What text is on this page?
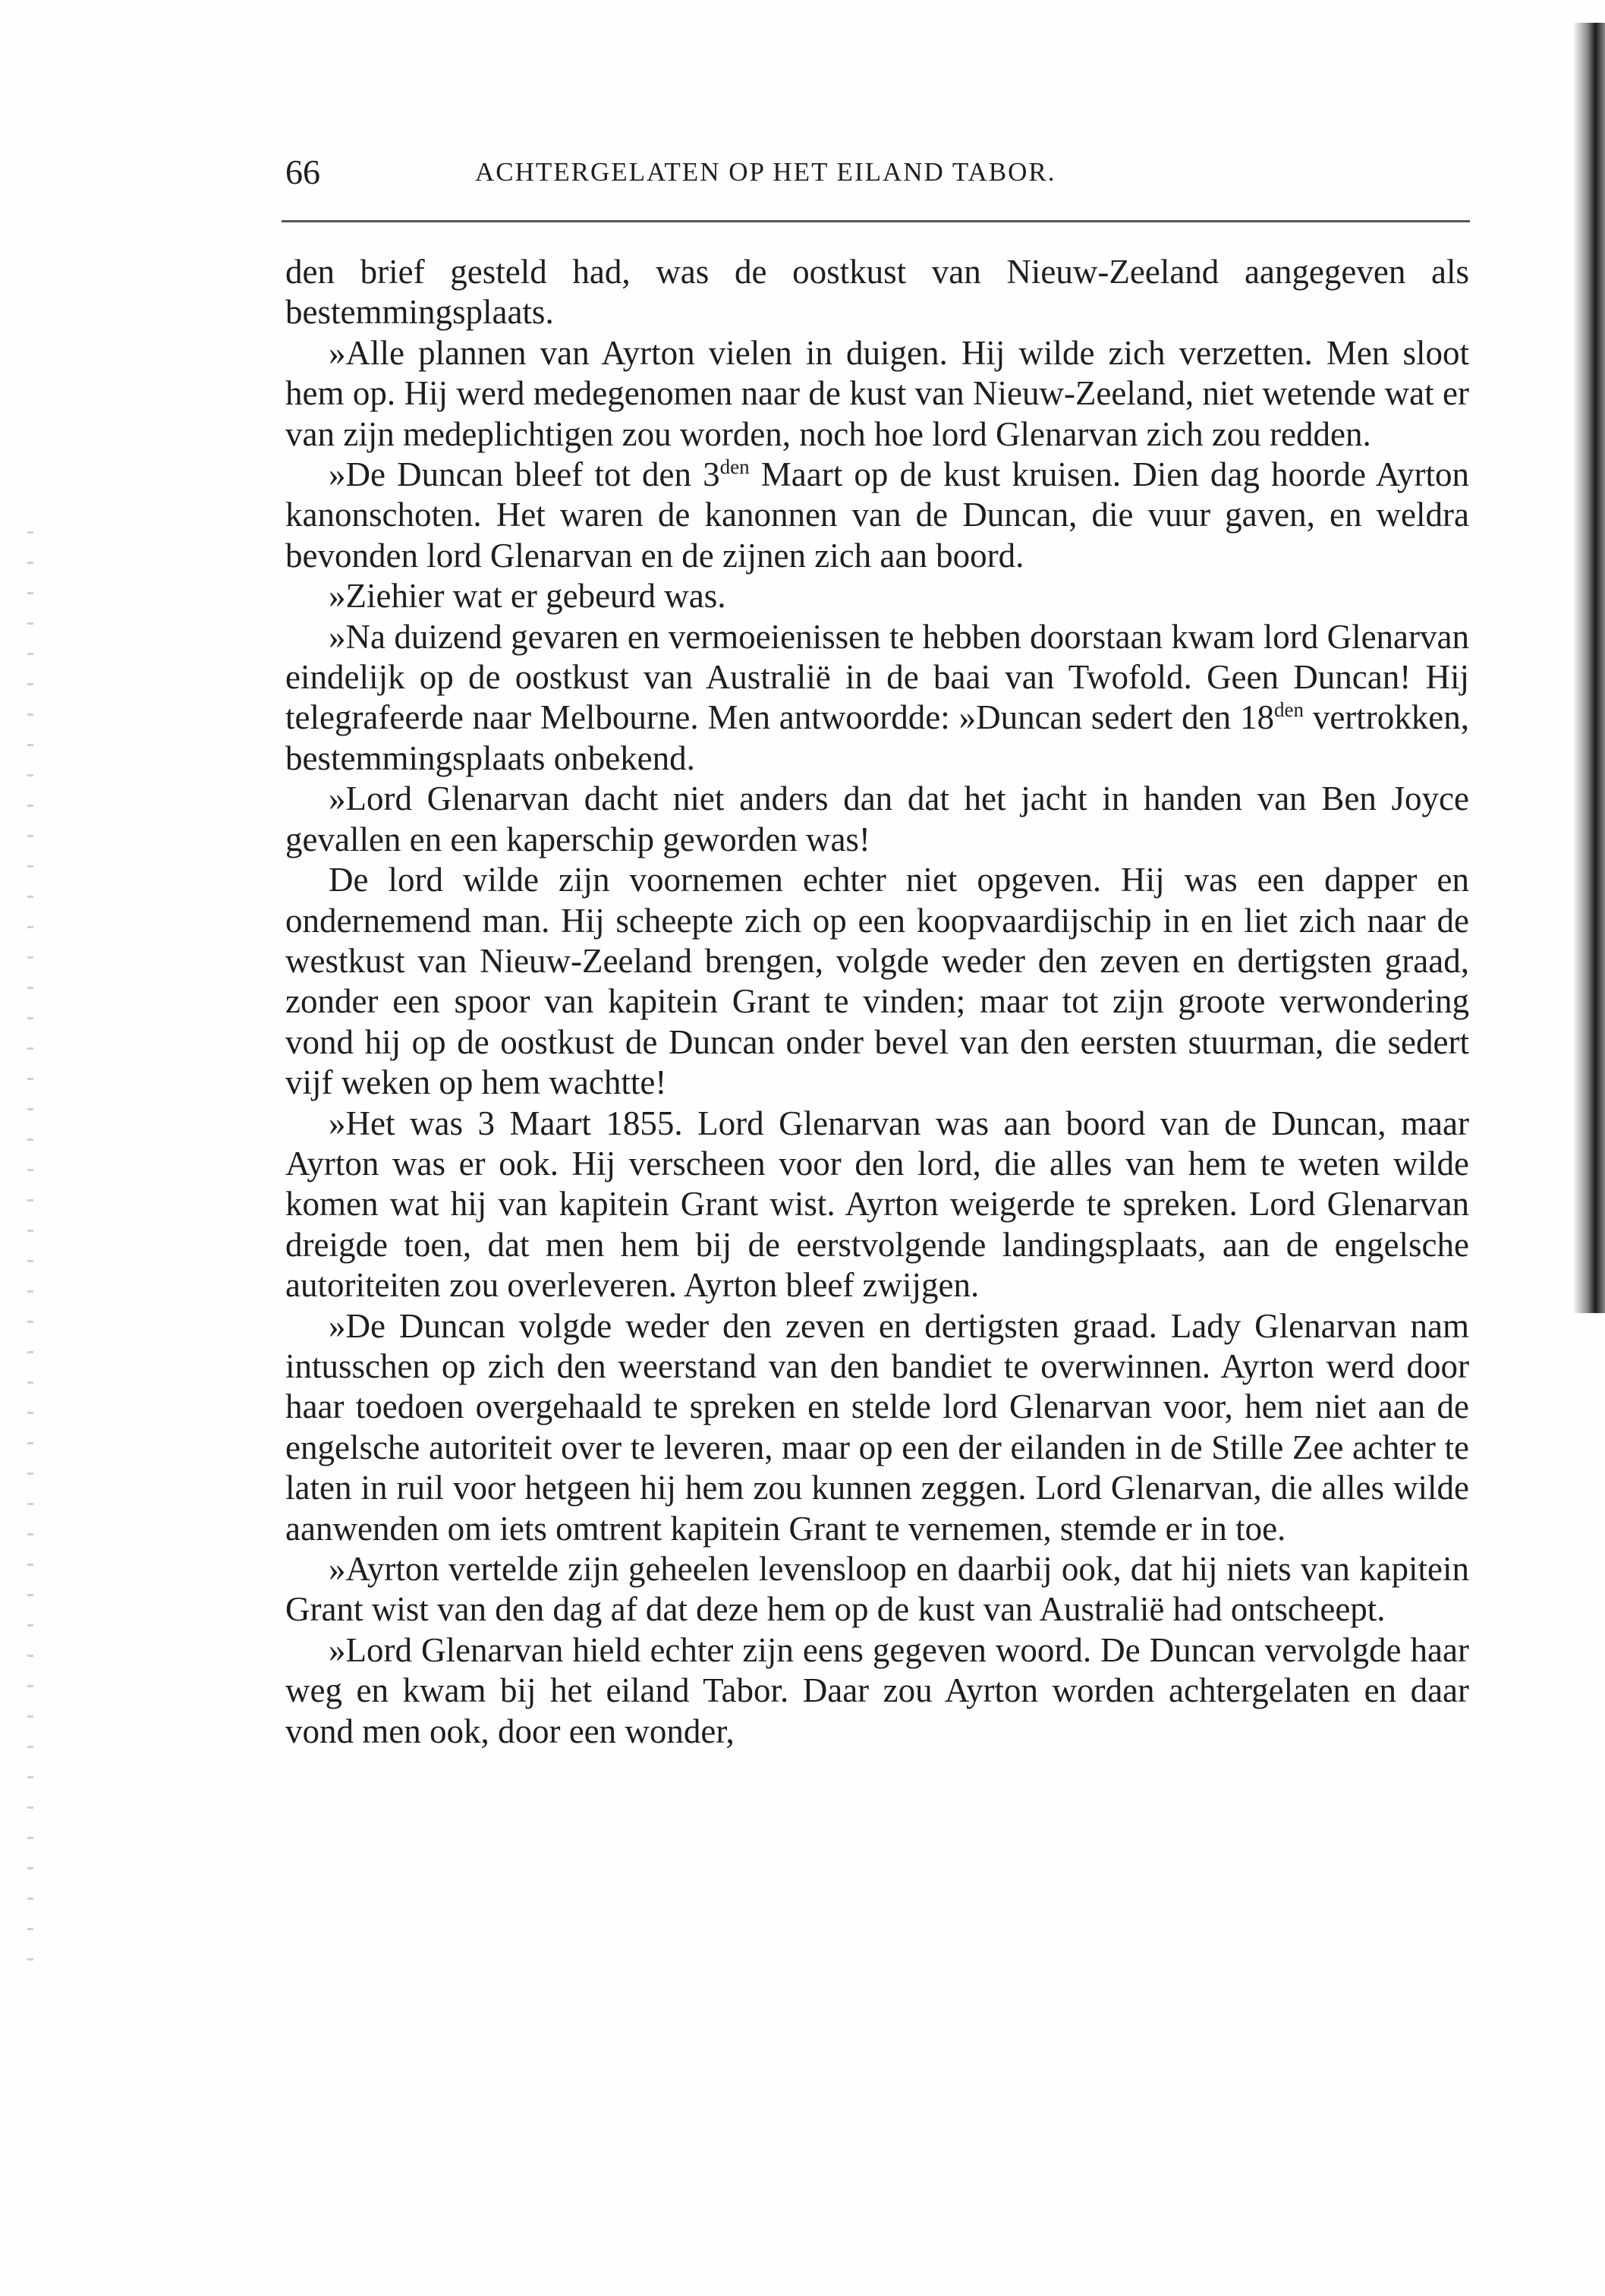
66	ACHTERGELATEN OP HET EILAND TABOR.

den brief gesteld had, was de oostkust van Nieuw-Zeeland aangegeven als bestemmingsplaats.

»Alle plannen van Ayrton vielen in duigen. Hij wilde zich verzetten. Men sloot hem op. Hij werd medegenomen naar de kust van Nieuw-Zeeland, niet wetende wat er van zijn medeplichtigen zou worden, noch hoe lord Glenarvan zich zou redden.

»De Duncan bleef tot den $3^{den}$ Maart op de kust kruisen. Dien dag hoorde Ayrton kanonschoten. Het waren de kanonnen van de Duncan, die vuur gaven, en weldra bevonden lord Glenarvan en de zijnen zich aan boord.

»Ziehier wat er gebeurd was.

»Na duizend gevaren en vermoeienissen te hebben doorstaan kwam lord Glenarvan eindelijk op de oostkust van Australië in de baai van Twofold. Geen Duncan! Hij telegrafeerde naar Melbourne. Men antwoordde: »Duncan sedert den $18^{den}$ vertrokken, bestemmingsplaats onbekend.

»Lord Glenarvan dacht niet anders dan dat het jacht in handen van Ben Joyce gevallen en een kaperschip geworden was!

De lord wilde zijn voornemen echter niet opgeven. Hij was een dapper en ondernemend man. Hij scheepte zich op een koopvaardijschip in en liet zich naar de westkust van Nieuw-Zeeland brengen, volgde weder den zeven en dertigsten graad, zonder een spoor van kapitein Grant te vinden; maar tot zijn groote verwondering vond hij op de oostkust de Duncan onder bevel van den eersten stuurman, die sedert vijf weken op hem wachtte!

»Het was 3 Maart 1855. Lord Glenarvan was aan boord van de Duncan, maar Ayrton was er ook. Hij verscheen voor den lord, die alles van hem te weten wilde komen wat hij van kapitein Grant wist. Ayrton weigerde te spreken. Lord Glenarvan dreigde toen, dat men hem bij de eerstvolgende landingsplaats, aan de engelsche autoriteiten zou overleveren. Ayrton bleef zwijgen.

»De Duncan volgde weder den zeven en dertigsten graad. Lady Glenarvan nam intusschen op zich den weerstand van den bandiet te overwinnen. Ayrton werd door haar toedoen overgehaald te spreken en stelde lord Glenarvan voor, hem niet aan de engelsche autoriteit over te leveren, maar op een der eilanden in de Stille Zee achter te laten in ruil voor hetgeen hij hem zou kunnen zeggen. Lord Glenarvan, die alles wilde aanwenden om iets omtrent kapitein Grant te vernemen, stemde er in toe.

»Ayrton vertelde zijn geheelen levensloop en daarbij ook, dat hij niets van kapitein Grant wist van den dag af dat deze hem op de kust van Australië had ontscheept.

»Lord Glenarvan hield echter zijn eens gegeven woord. De Duncan vervolgde haar weg en kwam bij het eiland Tabor. Daar zou Ayrton worden achtergelaten en daar vond men ook, door een wonder,
